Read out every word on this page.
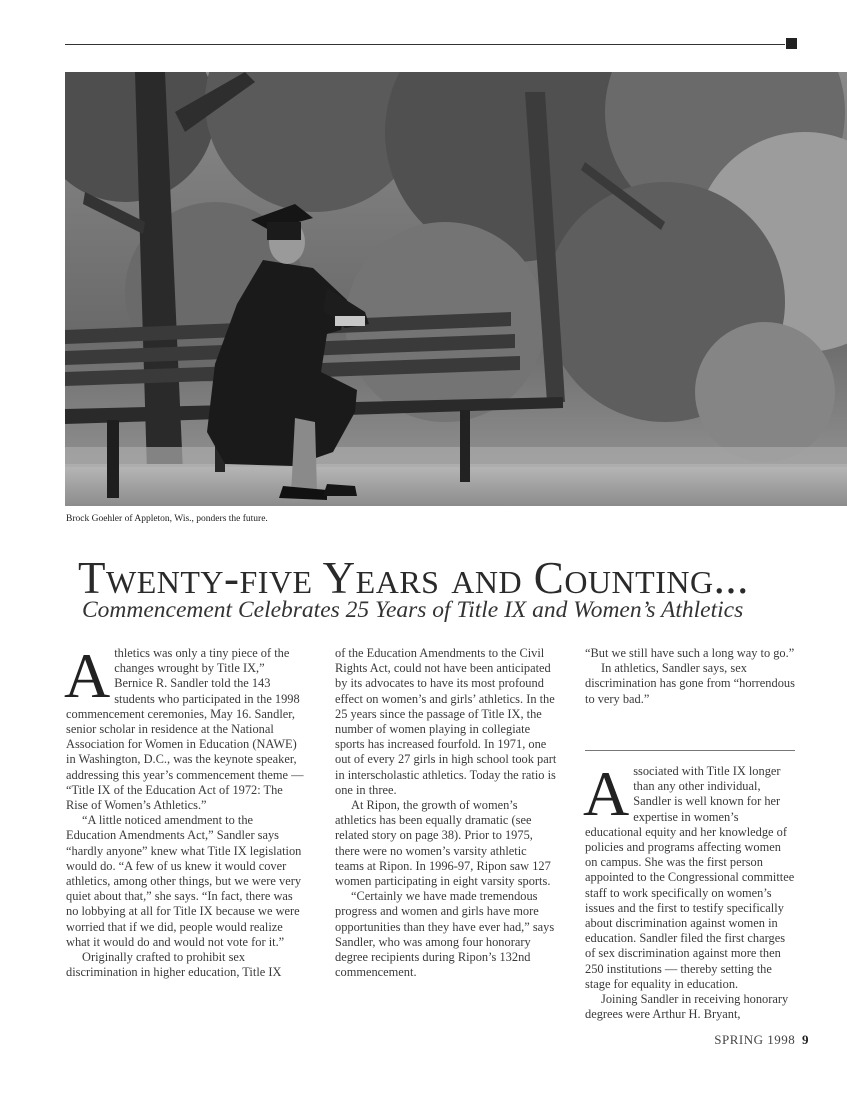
Brock Goehler of Appleton, Wis., ponders the future.
Twenty-five Years and Counting...
Commencement Celebrates 25 Years of Title IX and Women’s Athletics
A thletics was only a tiny piece of the changes wrought by Title IX,” Bernice R. Sandler told the 143 students who participated in the 1998 commencement ceremonies, May 16. Sandler, senior scholar in residence at the National Association for Women in Education (NAWE) in Washington, D.C., was the keynote speaker, addressing this year’s commencement theme — “Title IX of the Education Act of 1972: The Rise of Women’s Athletics.”

“A little noticed amendment to the Education Amendments Act,” Sandler says “hardly anyone” knew what Title IX legislation would do. “A few of us knew it would cover athletics, among other things, but we were very quiet about that,” she says. “In fact, there was no lobbying at all for Title IX because we were worried that if we did, people would realize what it would do and would not vote for it.”

Originally crafted to prohibit sex discrimination in higher education, Title IX

of the Education Amendments to the Civil Rights Act, could not have been anticipated by its advocates to have its most profound effect on women’s and girls’ athletics. In the 25 years since the passage of Title IX, the number of women playing in collegiate sports has increased fourfold. In 1971, one out of every 27 girls in high school took part in interscholastic athletics. Today the ratio is one in three.

At Ripon, the growth of women’s athletics has been equally dramatic (see related story on page 38). Prior to 1975, there were no women’s varsity athletic teams at Ripon. In 1996-97, Ripon saw 127 women participating in eight varsity sports.

“Certainly we have made tremendous progress and women and girls have more opportunities than they have ever had,” says Sandler, who was among four honorary degree recipients during Ripon’s 132nd commencement.

“But we still have such a long way to go.”

In athletics, Sandler says, sex discrimination has gone from “horrendous to very bad.”

A ssociated with Title IX longer than any other individual, Sandler is well known for her expertise in women’s educational equity and her knowledge of policies and programs affecting women on campus. She was the first person appointed to the Congressional committee staff to work specifically on women’s issues and the first to testify specifically about discrimination against women in education. Sandler filed the first charges of sex discrimination against more then 250 institutions — thereby setting the stage for equality in education.

Joining Sandler in receiving honorary degrees were Arthur H. Bryant,

SPRING 1998 9
